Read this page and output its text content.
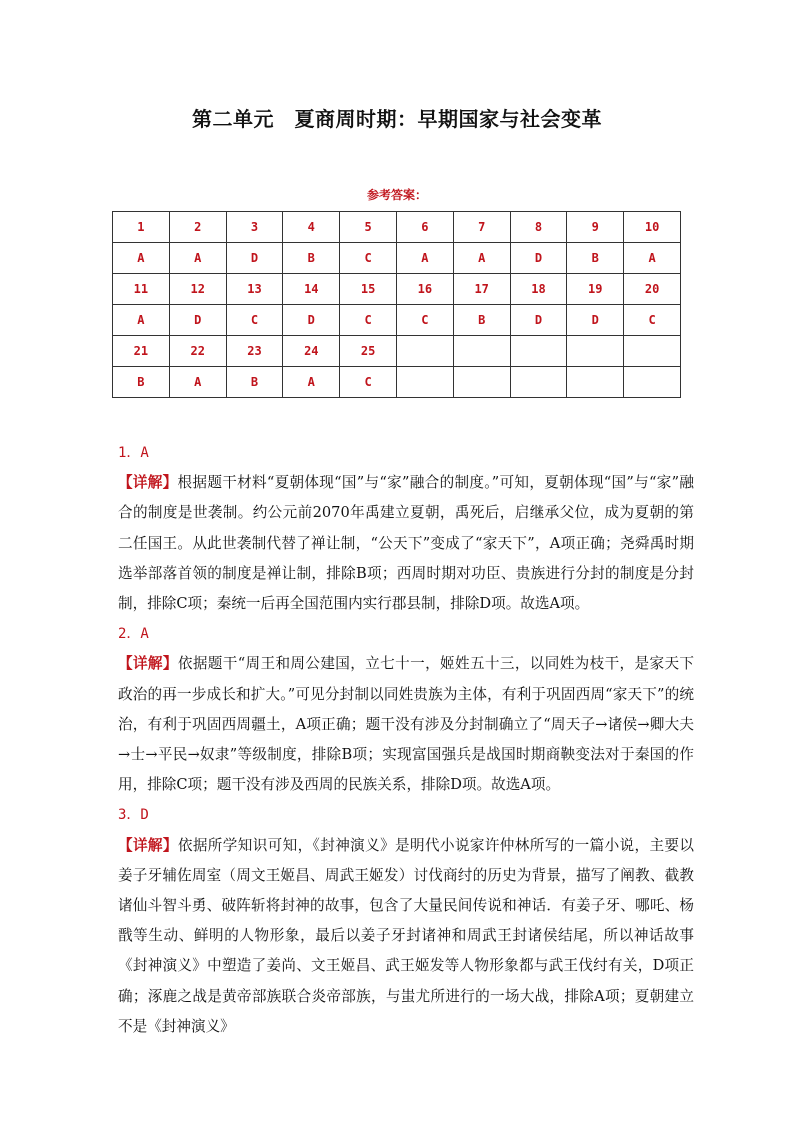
第二单元　夏商周时期：早期国家与社会变革
参考答案：
1	2	3	4	5	6	7	8	9	10
A	A	D	B	C	A	A	D	B	A
11	12	13	14	15	16	17	18	19	20
A	D	C	D	C	C	B	D	D	C
21	22	23	24	25					
B	A	B	A	C					

1．A

【详解】根据题干材料“夏朝体现“国”与“家”融合的制度。”可知，夏朝体现“国”与“家”融合的制度是世袭制。约公元前2070年禹建立夏朝，禹死后，启继承父位，成为夏朝的第二任国王。从此世袭制代替了禅让制，“公天下”变成了“家天下”，A项正确；尧舜禹时期选举部落首领的制度是禅让制，排除B项；西周时期对功臣、贵族进行分封的制度是分封制，排除C项；秦统一后再全国范围内实行郡县制，排除D项。故选A项。

2．A

【详解】依据题干“周王和周公建国，立七十一，姬姓五十三，以同姓为枝干，是家天下政治的再一步成长和扩大。”可见分封制以同姓贵族为主体，有利于巩固西周“家天下”的统治，有利于巩固西周疆土，A项正确；题干没有涉及分封制确立了“周天子→诸侯→卿大夫→士→平民→奴隶”等级制度，排除B项；实现富国强兵是战国时期商鞅变法对于秦国的作用，排除C项；题干没有涉及西周的民族关系，排除D项。故选A项。

3．D

【详解】依据所学知识可知，《封神演义》是明代小说家许仲林所写的一篇小说，主要以姜子牙辅佐周室（周文王姬昌、周武王姬发）讨伐商纣的历史为背景，描写了阐教、截教诸仙斗智斗勇、破阵斩将封神的故事，包含了大量民间传说和神话．有姜子牙、哪吒、杨戬等生动、鲜明的人物形象，最后以姜子牙封诸神和周武王封诸侯结尾，所以神话故事《封神演义》中塑造了姜尚、文王姬昌、武王姬发等人物形象都与武王伐纣有关，D项正确；涿鹿之战是黄帝部族联合炎帝部族，与蚩尤所进行的一场大战，排除A项；夏朝建立不是《封神演义》
